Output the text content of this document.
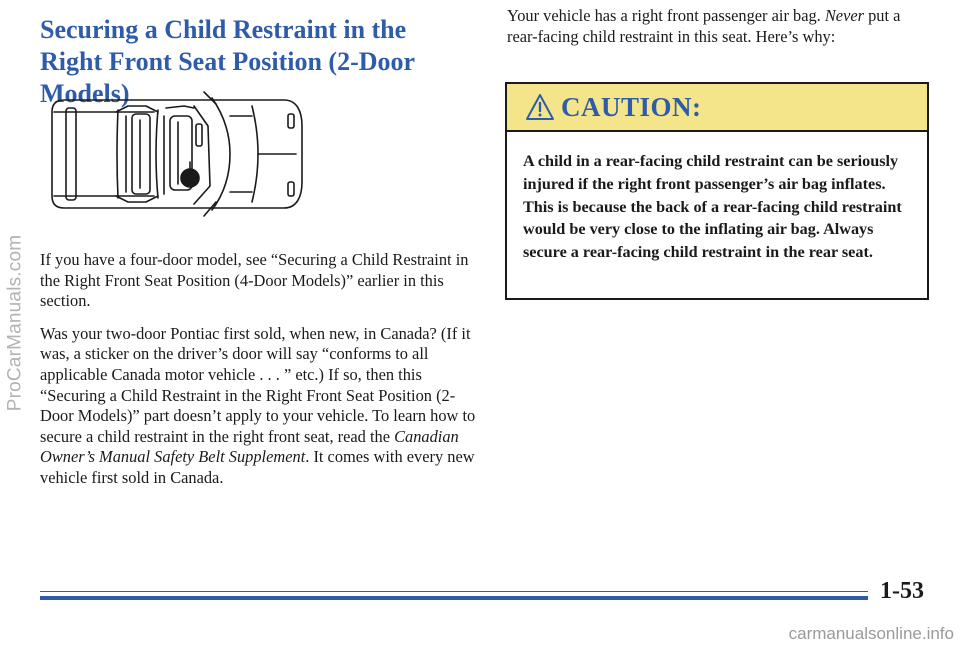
ProCarManuals.com
Securing a Child Restraint in the Right Front Seat Position (2-Door Models)

If you have a four-door model, see “Securing a Child Restraint in the Right Front Seat Position (4-Door Models)” earlier in this section.

Was your two-door Pontiac first sold, when new, in Canada? (If it was, a sticker on the driver’s door will say “conforms to all applicable Canada motor vehicle . . . ” etc.) If so, then this “Securing a Child Restraint in the Right Front Seat Position (2-Door Models)” part doesn’t apply to your vehicle. To learn how to secure a child restraint in the right front seat, read the Canadian Owner’s Manual Safety Belt Supplement. It comes with every new vehicle first sold in Canada.

Your vehicle has a right front passenger air bag. Never put a rear-facing child restraint in this seat. Here’s why:

CAUTION:

A child in a rear-facing child restraint can be seriously injured if the right front passenger’s air bag inflates. This is because the back of a rear-facing child restraint would be very close to the inflating air bag. Always secure a rear-facing child restraint in the rear seat.

1-53
carmanualsonline.info
